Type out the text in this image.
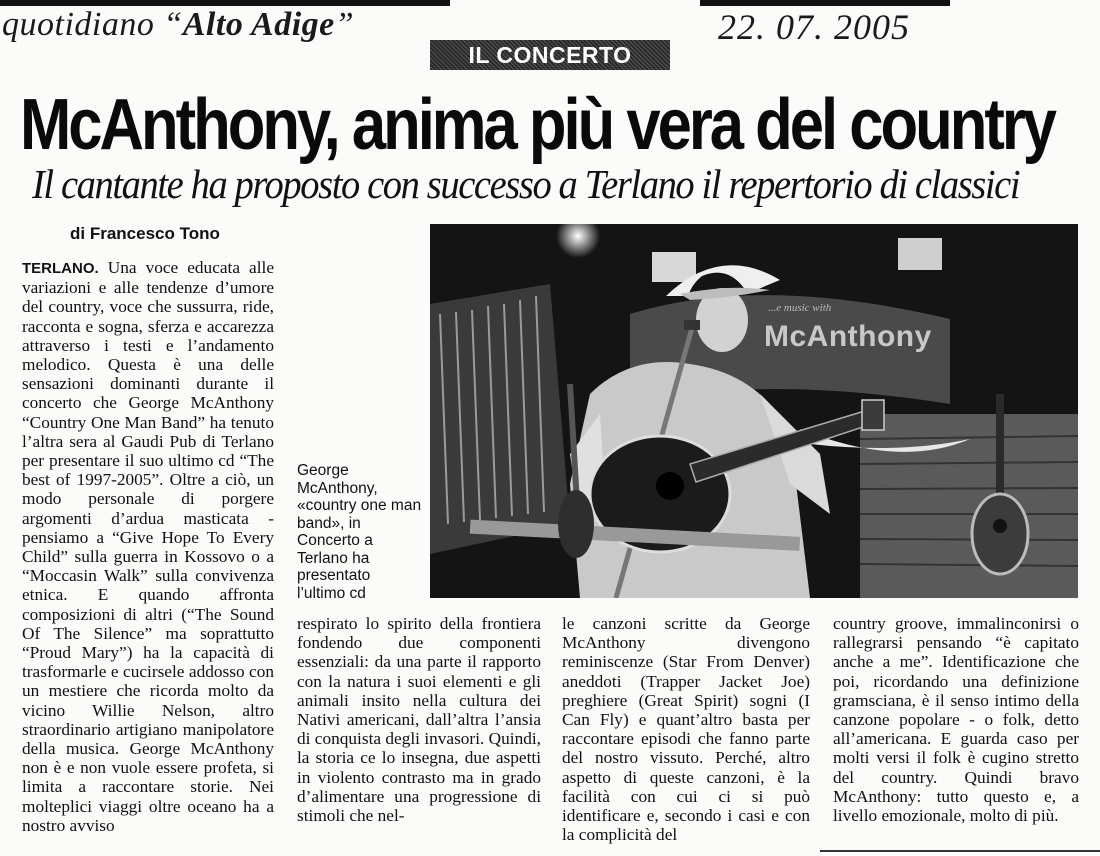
quotidiano “Alto Adige”	22. 07. 2005
IL CONCERTO
McAnthony, anima più vera del country
Il cantante ha proposto con successo a Terlano il repertorio di classici
di Francesco Tono

TERLANO. Una voce educata alle variazioni e alle tendenze d’umore del country, voce che sussurra, ride, racconta e sogna, sferza e accarezza attraverso i testi e l’andamento melodico. Questa è una delle sensazioni dominanti durante il concerto che George McAnthony “Country One Man Band” ha tenuto l’altra sera al Gaudi Pub di Terlano per presentare il suo ultimo cd “The best of 1997-2005”. Oltre a ciò, un modo personale di porgere argomenti d’ardua masticata - pensiamo a “Give Hope To Every Child” sulla guerra in Kossovo o a “Moccasin Walk” sulla convivenza etnica. E quando affronta composizioni di altri (“The Sound Of The Silence” ma soprattutto “Proud Mary”) ha la capacità di trasformarle e cucirsele addosso con un mestiere che ricorda molto da vicino Willie Nelson, altro straordinario artigiano manipolatore della musica. George McAnthony non è e non vuole essere profeta, si limita a raccontare storie. Nei molteplici viaggi oltre oceano ha a nostro avviso

George McAnthony, «country one man band», in Concerto a Terlano ha presentato l’ultimo cd
...e music with
McAnthony

respirato lo spirito della frontiera fondendo due componenti essenziali: da una parte il rapporto con la natura i suoi elementi e gli animali insito nella cultura dei Nativi americani, dall’altra l’ansia di conquista degli invasori. Quindi, la storia ce lo insegna, due aspetti in violento contrasto ma in grado d’alimentare una progressione di stimoli che nel-

le canzoni scritte da George McAnthony divengono reminiscenze (Star From Denver) aneddoti (Trapper Jacket Joe) preghiere (Great Spirit) sogni (I Can Fly) e quant’altro basta per raccontare episodi che fanno parte del nostro vissuto. Perché, altro aspetto di queste canzoni, è la facilità con cui ci si può identificare e, secondo i casi e con la complicità del

country groove, immalinconirsi o rallegrarsi pensando “è capitato anche a me”. Identificazione che poi, ricordando una definizione gramsciana, è il senso intimo della canzone popolare - o folk, detto all’americana. E guarda caso per molti versi il folk è cugino stretto del country. Quindi bravo McAnthony: tutto questo e, a livello emozionale, molto di più.
